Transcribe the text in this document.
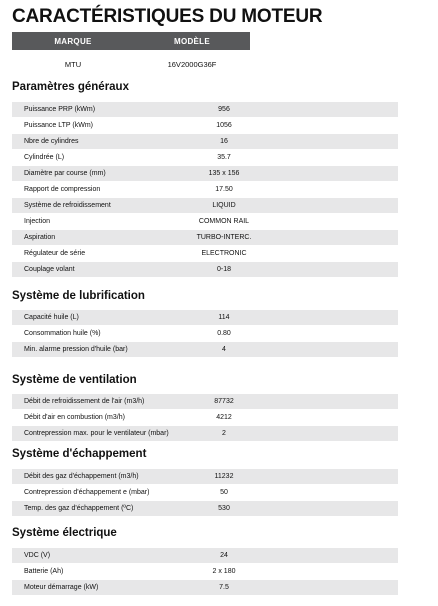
CARACTÉRISTIQUES DU MOTEUR
MARQUE	MODÈLE
MTU	16V2000G36F
Paramètres généraux
Puissance PRP (kWm)	956
Puissance LTP (kWm)	1056
Nbre de cylindres	16
Cylindrée (L)	35.7
Diamètre par course (mm)	135 x 156
Rapport de compression	17.50
Système de refroidissement	LIQUID
Injection	COMMON RAIL
Aspiration	TURBO-INTERC.
Régulateur de série	ELECTRONIC
Couplage volant	0-18
Système de lubrification
Capacité huile (L)	114
Consommation huile (%)	0.80
Min. alarme pression d'huile (bar)	4
Système de ventilation
Débit de refroidissement de l'air (m3/h)	87732
Débit d'air en combustion (m3/h)	4212
Contrepression max. pour le ventilateur (mbar)	2
Système d'échappement
Débit des gaz d'échappement (m3/h)	11232
Contrepression d'échappement e (mbar)	50
Temp. des gaz d'échappement (ºC)	530
Système électrique
VDC (V)	24
Batterie (Ah)	2 x 180
Moteur démarrage (kW)	7.5
